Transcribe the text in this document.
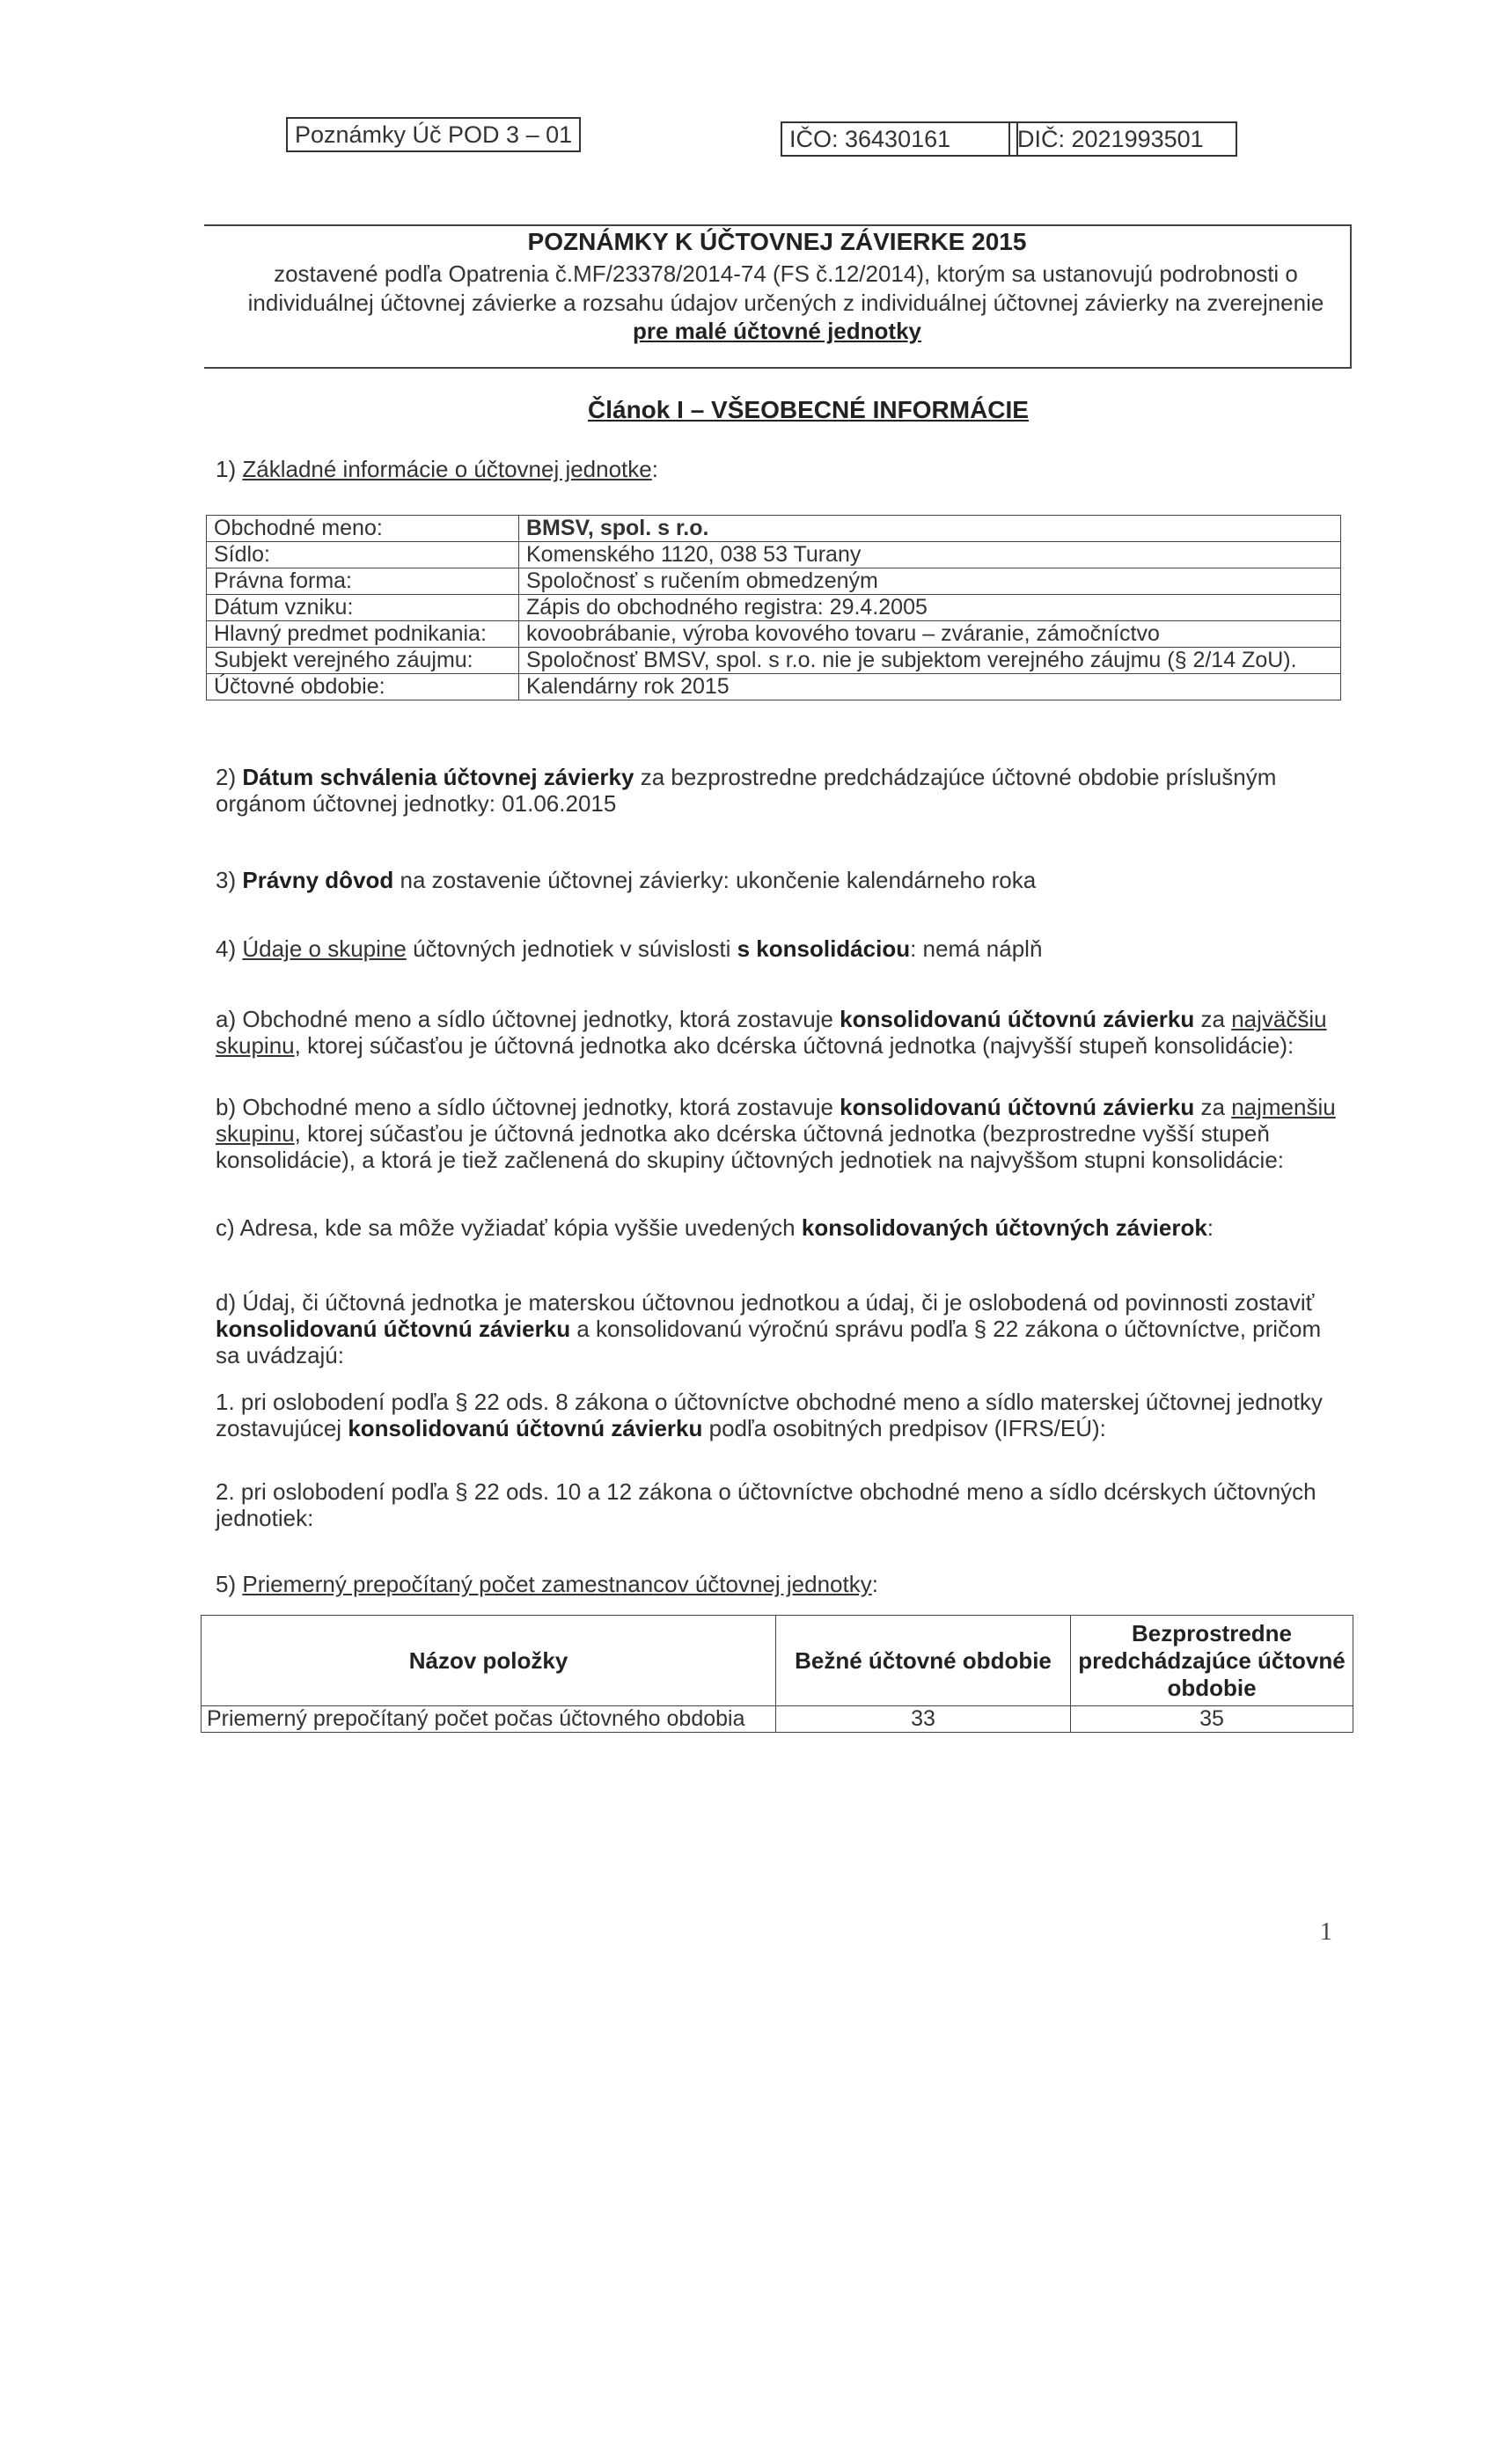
Poznámky Úč POD 3 – 01	IČO: 36430161	DIČ: 2021993501
POZNÁMKY K ÚČTOVNEJ ZÁVIERKE 2015
zostavené podľa Opatrenia č.MF/23378/2014-74 (FS č.12/2014), ktorým sa ustanovujú podrobnosti o individuálnej účtovnej závierke a rozsahu údajov určených z individuálnej účtovnej závierky na zverejnenie
pre malé účtovné jednotky
Článok I – VŠEOBECNÉ INFORMÁCIE
1) Základné informácie o účtovnej jednotke:
Obchodné meno:	BMSV, spol. s r.o.
Sídlo:	Komenského 1120, 038 53 Turany
Právna forma:	Spoločnosť s ručením obmedzeným
Dátum vzniku:	Zápis do obchodného registra: 29.4.2005
Hlavný predmet podnikania:	kovoobrábanie, výroba kovového tovaru – zváranie, zámočníctvo
Subjekt verejného záujmu:	Spoločnosť BMSV, spol. s r.o. nie je subjektom verejného záujmu (§ 2/14 ZoU).
Účtovné obdobie:	Kalendárny rok 2015
2) Dátum schválenia účtovnej závierky za bezprostredne predchádzajúce účtovné obdobie príslušným orgánom účtovnej jednotky: 01.06.2015
3) Právny dôvod na zostavenie účtovnej závierky: ukončenie kalendárneho roka
4) Údaje o skupine účtovných jednotiek v súvislosti s konsolidáciou: nemá náplň
a) Obchodné meno a sídlo účtovnej jednotky, ktorá zostavuje konsolidovanú účtovnú závierku za najväčšiu skupinu, ktorej súčasťou je účtovná jednotka ako dcérska účtovná jednotka (najvyšší stupeň konsolidácie):
b) Obchodné meno a sídlo účtovnej jednotky, ktorá zostavuje konsolidovanú účtovnú závierku za najmenšiu skupinu, ktorej súčasťou je účtovná jednotka ako dcérska účtovná jednotka (bezprostredne vyšší stupeň konsolidácie), a ktorá je tiež začlenená do skupiny účtovných jednotiek na najvyššom stupni konsolidácie:
c) Adresa, kde sa môže vyžiadať kópia vyššie uvedených konsolidovaných účtovných závierok:
d) Údaj, či účtovná jednotka je materskou účtovnou jednotkou a údaj, či je oslobodená od povinnosti zostaviť konsolidovanú účtovnú závierku a konsolidovanú výročnú správu podľa § 22 zákona o účtovníctve, pričom sa uvádzajú:
1. pri oslobodení podľa § 22 ods. 8 zákona o účtovníctve obchodné meno a sídlo materskej účtovnej jednotky zostavujúcej konsolidovanú účtovnú závierku podľa osobitných predpisov (IFRS/EÚ):
2. pri oslobodení podľa § 22 ods. 10 a 12 zákona o účtovníctve obchodné meno a sídlo dcérskych účtovných jednotiek:
5) Priemerný prepočítaný počet zamestnancov účtovnej jednotky:
Názov položky	Bežné účtovné obdobie	Bezprostredne predchádzajúce účtovné obdobie
Priemerný prepočítaný počet počas účtovného obdobia	33	35
1
